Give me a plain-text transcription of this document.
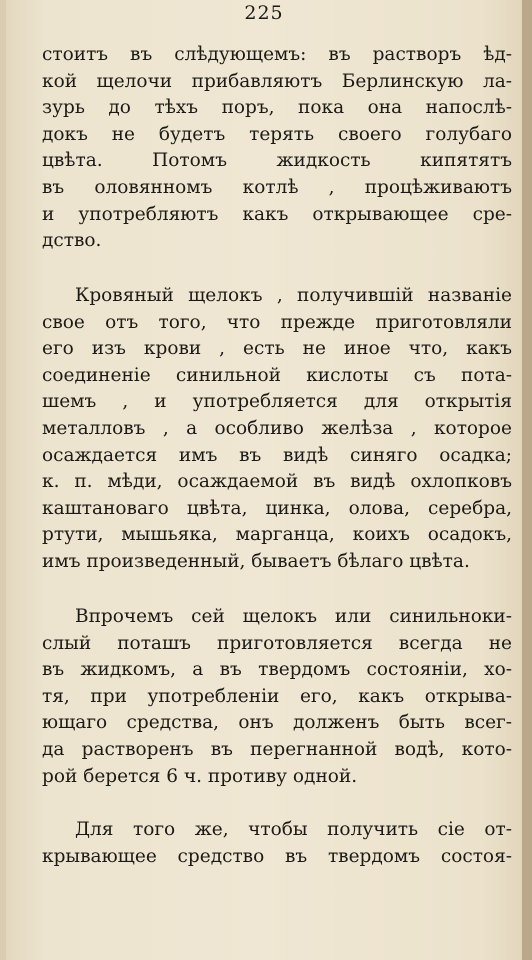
225
стоитъ въ слѣдующемъ: въ растворъ ѣд-
кой щелочи прибавляютъ Берлинскую ла-
зурь до тѣхъ поръ, пока она напослѣ-
докъ не будетъ терять своего голубаго
цвѣта. Потомъ жидкость кипятятъ
въ оловянномъ котлѣ , процѣживаютъ
и употребляютъ какъ открывающее сре-
дство.
Кровяный щелокъ , получившій названіе
свое отъ того, что прежде приготовляли
его изъ крови , есть не иное что, какъ
соединеніе синильной кислоты съ пота-
шемъ , и употребляется для открытія
металловъ , а особливо желѣза , которое
осаждается имъ въ видѣ синяго осадка;
к. п. мѣди, осаждаемой въ видѣ охлопковъ
каштановаго цвѣта, цинка, олова, серебра,
ртути, мышьяка, марганца, коихъ осадокъ,
имъ произведенный, бываетъ бѣлаго цвѣта.
Впрочемъ сей щелокъ или синильноки-
слый поташъ приготовляется всегда не
въ жидкомъ, а въ твердомъ состояніи, хо-
тя, при употребленіи его, какъ открыва-
ющаго средства, онъ долженъ быть всег-
да растворенъ въ перегнанной водѣ, кото-
рой берется 6 ч. противу одной.
Для того же, чтобы получить сіе от-
крывающее средство въ твердомъ состоя-
